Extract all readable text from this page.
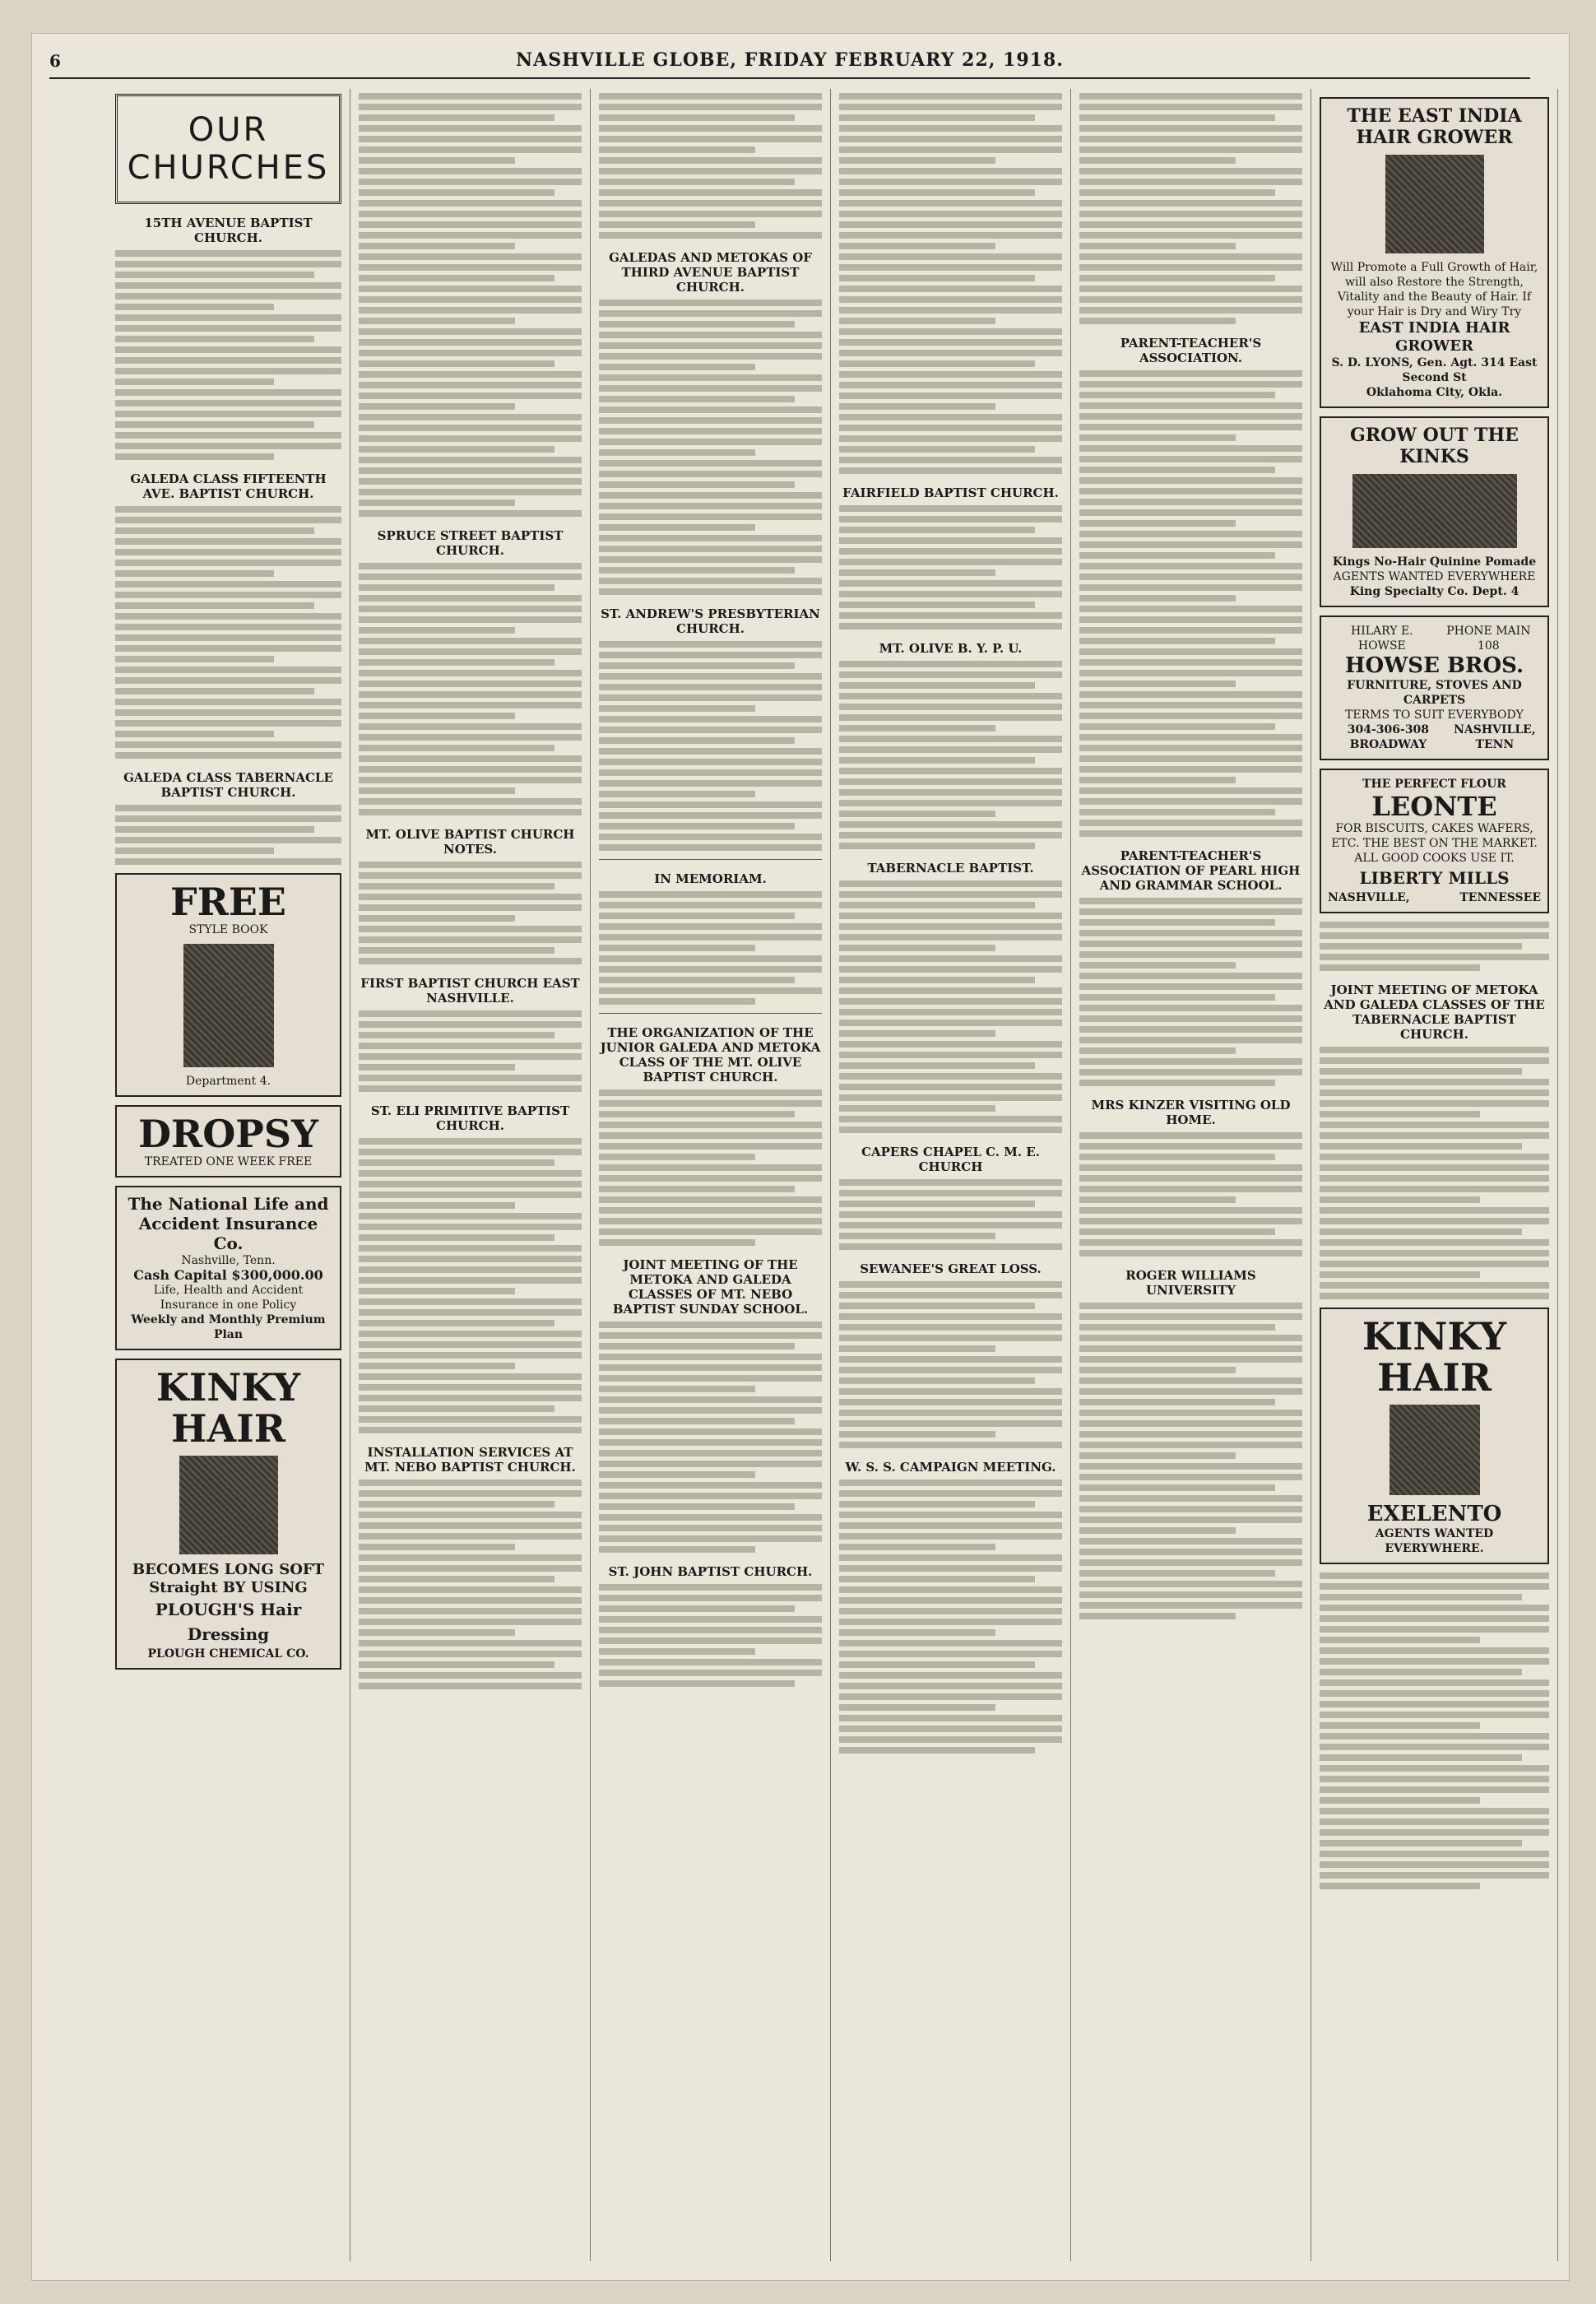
6	NASHVILLE GLOBE, FRIDAY FEBRUARY 22, 1918.
OUR CHURCHES
15TH AVENUE BAPTIST CHURCH.
GALEDA CLASS FIFTEENTH AVE. BAPTIST CHURCH.
GALEDA CLASS TABERNACLE BAPTIST CHURCH.
FREE
STYLE BOOK
Department 4.
DROPSY
TREATED ONE WEEK FREE
The National Life and Accident Insurance Co.
Nashville, Tenn.
Cash Capital $300,000.00
Life, Health and Accident Insurance in one Policy
Weekly and Monthly Premium Plan
KINKY HAIR
BECOMES LONG SOFT Straight BY USING
PLOUGH'S Hair Dressing
PLOUGH CHEMICAL CO.
SPRUCE STREET BAPTIST CHURCH.
MT. OLIVE BAPTIST CHURCH NOTES.
FIRST BAPTIST CHURCH EAST NASHVILLE.
ST. ELI PRIMITIVE BAPTIST CHURCH.
INSTALLATION SERVICES AT MT. NEBO BAPTIST CHURCH.
GALEDAS AND METOKAS OF THIRD AVENUE BAPTIST CHURCH.
ST. ANDREW'S PRESBYTERIAN CHURCH.
IN MEMORIAM.
THE ORGANIZATION OF THE JUNIOR GALEDA AND METOKA CLASS OF THE MT. OLIVE BAPTIST CHURCH.
JOINT MEETING OF THE METOKA AND GALEDA CLASSES OF MT. NEBO BAPTIST SUNDAY SCHOOL.
ST. JOHN BAPTIST CHURCH.
FAIRFIELD BAPTIST CHURCH.
MT. OLIVE B. Y. P. U.
TABERNACLE BAPTIST.
CAPERS CHAPEL C. M. E. CHURCH
SEWANEE'S GREAT LOSS.
W. S. S. CAMPAIGN MEETING.
PARENT-TEACHER'S ASSOCIATION.
PARENT-TEACHER'S ASSOCIATION OF PEARL HIGH AND GRAMMAR SCHOOL.
MRS KINZER VISITING OLD HOME.
ROGER WILLIAMS UNIVERSITY
THE EAST INDIA HAIR GROWER
Will Promote a Full Growth of Hair, will also Restore the Strength, Vitality and the Beauty of Hair. If your Hair is Dry and Wiry Try
EAST INDIA HAIR GROWER
S. D. LYONS, Gen. Agt. 314 East Second St
Oklahoma City, Okla.
GROW OUT THE KINKS
Kings No-Hair Quinine Pomade
AGENTS WANTED EVERYWHERE
King Specialty Co. Dept. 4
HILARY E. HOWSE
PHONE MAIN 108
HOWSE BROS.
FURNITURE, STOVES AND CARPETS
TERMS TO SUIT EVERYBODY
304-306-308 BROADWAY
NASHVILLE, TENN
THE PERFECT FLOUR
LEONTE
FOR BISCUITS, CAKES WAFERS, ETC. THE BEST ON THE MARKET. ALL GOOD COOKS USE IT.
LIBERTY MILLS
NASHVILLE,	TENNESSEE
JOINT MEETING OF METOKA AND GALEDA CLASSES OF THE TABERNACLE BAPTIST CHURCH.
KINKY HAIR
EXELENTO
AGENTS WANTED EVERYWHERE.
